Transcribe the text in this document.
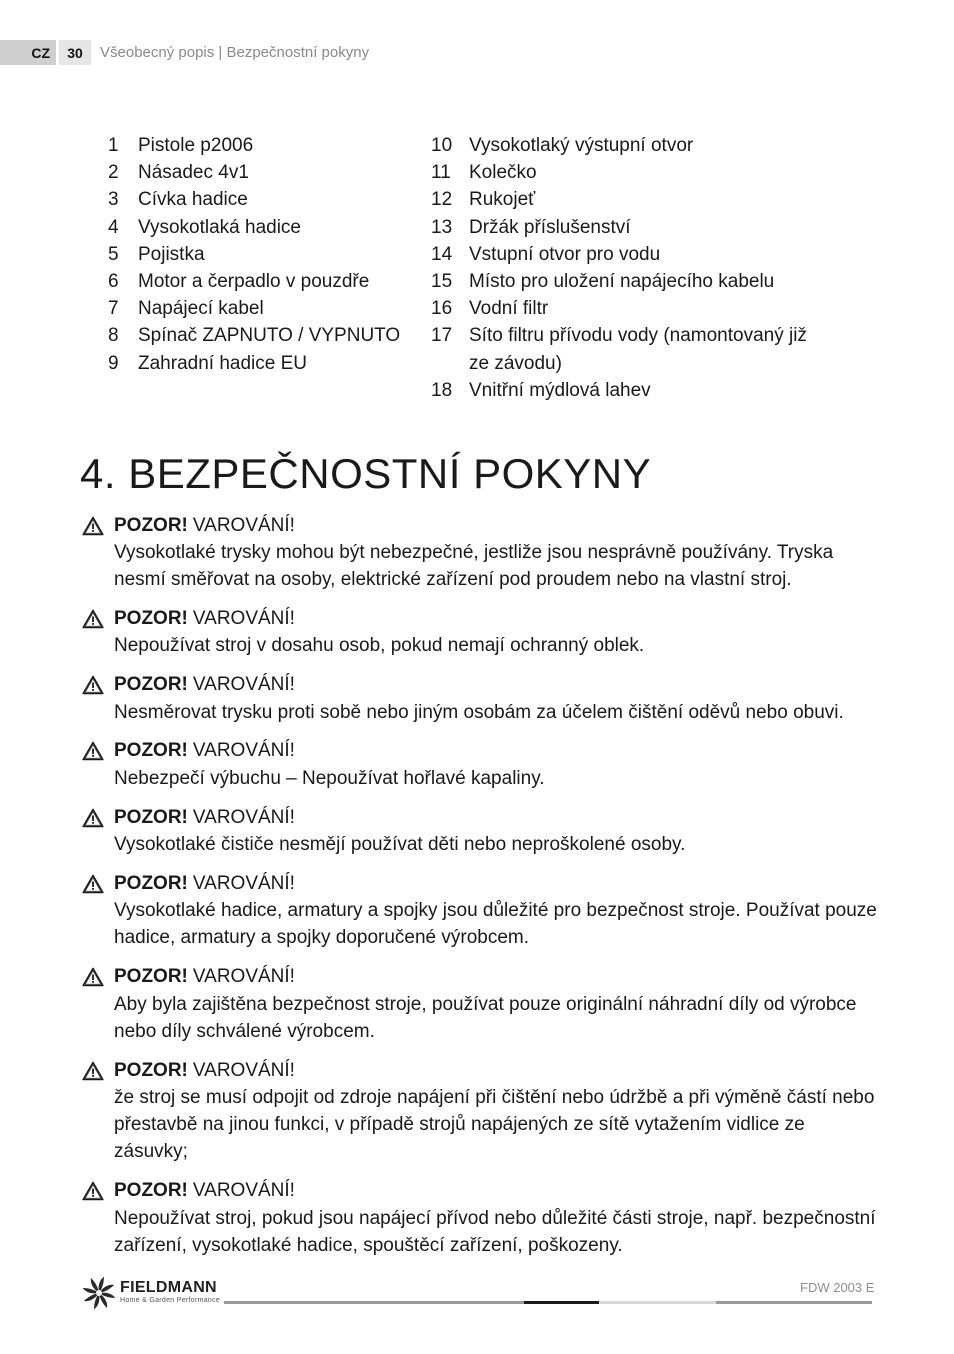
CZ	30	Všeobecný popis | Bezpečnostní pokyny
1	Pistole p2006
2	Násadec 4v1
3	Cívka hadice
4	Vysokotlaká hadice
5	Pojistka
6	Motor a čerpadlo v pouzdře
7	Napájecí kabel
8	Spínač ZAPNUTO / VYPNUTO
9	Zahradní hadice EU
10 Vysokotlaký výstupní otvor
11 Kolečko
12 Rukojeť
13 Držák příslušenství
14 Vstupní otvor pro vodu
15 Místo pro uložení napájecího kabelu
16 Vodní filtr
17 Síto filtru přívodu vody (namontovaný již ze závodu)
18 Vnitřní mýdlová lahev
4. BEZPEČNOSTNÍ POKYNY
POZOR! VAROVÁNÍ!
Vysokotlaké trysky mohou být nebezpečné, jestliže jsou nesprávně používány. Tryska nesmí směřovat na osoby, elektrické zařízení pod proudem nebo na vlastní stroj.
POZOR! VAROVÁNÍ!
Nepoužívat stroj v dosahu osob, pokud nemají ochranný oblek.
POZOR! VAROVÁNÍ!
Nesměrovat trysku proti sobě nebo jiným osobám za účelem čištění oděvů nebo obuvi.
POZOR! VAROVÁNÍ!
Nebezpečí výbuchu – Nepoužívat hořlavé kapaliny.
POZOR! VAROVÁNÍ!
Vysokotlaké čističe nesmějí používat děti nebo neproškolené osoby.
POZOR! VAROVÁNÍ!
Vysokotlaké hadice, armatury a spojky jsou důležité pro bezpečnost stroje. Používat pouze hadice, armatury a spojky doporučené výrobcem.
POZOR! VAROVÁNÍ!
Aby byla zajištěna bezpečnost stroje, používat pouze originální náhradní díly od výrobce nebo díly schválené výrobcem.
POZOR! VAROVÁNÍ!
že stroj se musí odpojit od zdroje napájení při čištění nebo údržbě a při výměně částí nebo přestavbě na jinou funkci, v případě strojů napájených ze sítě vytažením vidlice ze zásuvky;
POZOR! VAROVÁNÍ!
Nepoužívat stroj, pokud jsou napájecí přívod nebo důležité části stroje, např. bezpečnostní zařízení, vysokotlaké hadice, spouštěcí zařízení, poškozeny.
FIELDMANN
Home & Garden Performance
FDW 2003 E
